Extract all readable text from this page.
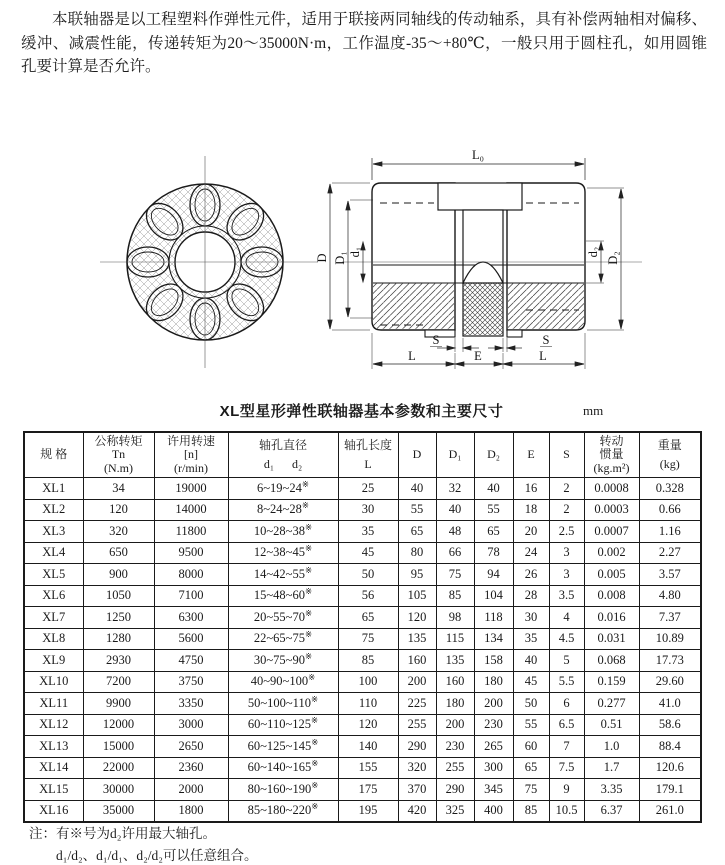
本联轴器是以工程塑料作弹性元件，适用于联接两同轴线的传动轴系，具有补偿两轴相对偏移、缓冲、减震性能，传递转矩为20～35000N·m，工作温度-35～+80℃，一般只用于圆柱孔，如用圆锥孔要计算是否允许。

L₀
D D₁ d₁	d₂ D₂
S	S
L	E	L
XL型星形弹性联轴器基本参数和主要尺寸	mm
规 格

公称转矩
Tn
(N.m)

许用转速
[n]
(r/min)

轴孔直径
d₁ d₂

轴孔长度
L

D	D₁	D₂	E	S

转动
惯量
(kg.m²)

重量
(kg)

XL1	34	19000	6~19~24※	25	40	32	40	16	2	0.0008	0.328
XL2	120	14000	8~24~28※	30	55	40	55	18	2	0.0003	0.66
XL3	320	11800	10~28~38※	35	65	48	65	20	2.5	0.0007	1.16
XL4	650	9500	12~38~45※	45	80	66	78	24	3	0.002	2.27
XL5	900	8000	14~42~55※	50	95	75	94	26	3	0.005	3.57
XL6	1050	7100	15~48~60※	56	105	85	104	28	3.5	0.008	4.80
XL7	1250	6300	20~55~70※	65	120	98	118	30	4	0.016	7.37
XL8	1280	5600	22~65~75※	75	135	115	134	35	4.5	0.031	10.89
XL9	2930	4750	30~75~90※	85	160	135	158	40	5	0.068	17.73
XL10	7200	3750	40~90~100※	100	200	160	180	45	5.5	0.159	29.60
XL11	9900	3350	50~100~110※	110	225	180	200	50	6	0.277	41.0
XL12	12000	3000	60~110~125※	120	255	200	230	55	6.5	0.51	58.6
XL13	15000	2650	60~125~145※	140	290	230	265	60	7	1.0	88.4
XL14	22000	2360	60~140~165※	155	320	255	300	65	7.5	1.7	120.6
XL15	30000	2000	80~160~190※	175	370	290	345	75	9	3.35	179.1
XL16	35000	1800	85~180~220※	195	420	325	400	85	10.5	6.37	261.0
注：有※号为d₂许用最大轴孔。
d₁/d₂、d₁/d₁、d₂/d₂可以任意组合。
